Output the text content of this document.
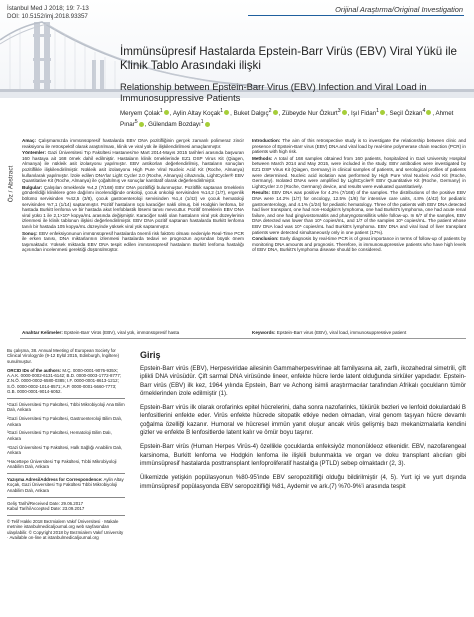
İstanbul Med J 2018; 19: 7-13
DOI: 10.5152/imj.2018.93357
Orijinal Araştırma/Original Investigation
İmmünsüpresif Hastalarda Epstein-Barr Virüs (EBV) Viral Yükü ile Klinik Tablo Arasındaki ilişki
Relationship between Epstein-Barr Virus (EBV) Infection and Viral Load in Immunosuppressive Patients
Meryem Çolak$^1$ , Aylin Altay Koçak$^1$ , Buket Dalgıç$^2$ , Zübeyde Nur Özkurt$^3$ , Işıl Fidan$^1$ , Seçil Özkan$^4$ , Ahmet Pınar$^5$ , Gülendam Bozdayı$^1$
Öz / Abstract

Amaç: Çalışmamızda immünsüpresif hastalarda EBV DNA pozitifliğinin gerçek zamanlı polimeraz zincir reaksiyonu ile retrospektif olarak araştırılması, klinik ve viral yük ile ilişkilendirilmesi amaçlanmıştır.

Yöntemler: Gazi Üniversitesi Tıp Fakültesi Hastanesi'ne Mart 2014-Mayıs 2015 tarihleri arasında başvuran 160 hastaya ait 168 örnek dahil edilmiştir. Hastaların klinik örneklerinde EZ1 DSP Virus Kit (Qiagen, Almanya) ile nükleik asit izolasyonu yapılmıştır. EBV antikorları değerlendirilmiş, hastaların sonuçları pozitiflikle ilişkilendirilmiştir. Nükleik asit izolasyonu High Pure Viral Nucleic Acid Kit (Roche, Almanya) kullanılarak yapılmıştır. İzole edilen DNA'lar Light Cycler 2.0 (Roche, Almanya) cihazında, LightCycler® EBV Quantitative Kit (Roche, Almanya) ile çoğaltılmış ve sonuçlar kantitatif olarak değerlendirilmiştir.

Bulgular: Çalışılan örneklerde %4,2 (7/168) EBV DNA pozitifliği bulunmuştur. Pozitiflik saptanan örneklerin gönderildiği kliniklere göre dağılımı incelendiğinde onkoloji, çocuk onkoloji servisinden %14,2 (1/7), ergenlik bölümü servisinden %42,5 (3/8), çocuk gastroenteroloji servisinden %1,4 (1/42) ve çocuk hematoloji servisinden %7,1 (1/14) saptanmıştır. Pozitif hastaların üçü karaciğer nakli olmuş, biri Hodgkin lenfoma, bir hastada Burkitt lenfoma ve bir hastada akut lenfoblastik lösemi tanısı mevcuttur. Pozitif örneklerin EBV DNA viral yükü 1 ile 2,1×10⁵ kopya/mL arasında değişmiştir. Karaciğer nakli olan hastaların viral yük düzeylerinin izlenmesi ile klinik tablonun ilişkisi değerlendirilmiştir. EBV DNA pozitif saptanan hastalarda Burkitt lenfoma tanılı bir hastada 105 kopya/mL düzeyinde yüksek viral yük saptanmıştır.

Sonuç: EBV enfeksiyonunun immünsüpresif hastalarda önemli risk faktörü olması nedeniyle Real-Time PCR ile erken tanısı, DNA miktarlarının izlenmesi hastalarda tedavi ve prognozun açısından büyük önem taşımaktadır. Yüksek miktarda EBV DNA tespit edilen immünsüpresif hastaların Burkitt lenfoma hastalığı açısından incelenmesi gerektiği düşünülmüştür.

Introduction: The aim of this retrospective study is to investigate the relationship between clinic and presence of Epstein-Barr virus (EBV) DNA and viral load by real-time polymerase chain reaction (PCR) in patients with high risk.

Methods: A total of 168 samples obtained from 160 patients, hospitalized in Gazi University Hospital between March 2014 and May 2015, were included in the study. EBV antibodies were investigated by EZ1 DSP Virus Kit (Qiagen, Germany) in clinical samples of patients, and serological profiles of patients were determined. Nucleic acid isolation was performed by High Pure Viral Nucleic Acid Kit (Roche, Germany). Isolated DNAs were amplified by LightCycler® EBV Quantitative Kit (Roche, Germany) in LightCycler 2.0 (Roche, Germany) device, and results were evaluated quantitatively.

Results: EBV DNA was positive for 4.2% (7/168) of the samples. The distributions of the positive EBV DNA were 14.2% (1/7) for oncology, 12.5% (1/8) for intensive care units, 4.8% (4/42) for pediatric gastroenterology, and 4.1% (1/24) for pediatric hematology. Three of the patients with EBV DNA detected had liver transplant, one had non-Hodgkin's lymphoma, one had Burkitt's lymphoma, one had acute renal failure, and one had gingivostomatitis and pharyngotonsillitis while follow-up. In 6/7 of the samples, EBV DNA detected was lower than 10⁵ copies/mL, and 1/7 of the samples 10⁵ copies/mL. The patient whose EBV DNA load was 10⁵ copies/mL had Burkitt's lymphoma. EBV DNA and viral load of liver transplant patients were detected simultaneously only in one patient (17%).

Conclusion: Early diagnosis by real-time PCR is of great importance in terms of follow-up of patients by monitoring DNA amounts and prognosis. Therefore, in immunosuppressive patients who have high levels of EBV DNA, Burkitt's lymphoma disease should be considered.

Anahtar Kelimeler: Epstein-Barr Virüs (EBV), viral yük, immünsüpresif hasta	Keywords: Epstein-Barr virus (EBV), viral load, immunosuppressive patient

Bu çalışma, 38. Annual Meeting of European Society for Clinical Virology'de (9-12 Eylül 2015, Edinburgh, İngiltere) sunulmuştur.

ORCID IDs of the authors: M.Ç. 0000-0001-9076-935X; A.A.K. 0000-0002-6131-6142; B.D. 0000-0003-1772-8777; Z.N.Ö. 0000-0002-6580-0385; I.F. 0000-0001-8613-1212; S.Ö. 0000-0002-1014-8571; A.P. 0000-0001-5660-7773; G.B. 0000-0001-9014-6052.

¹Gazi Üniversitesi Tıp Fakültesi, Tıbbi Mikrobiyoloji Ana Bilim Dalı, Ankara

²Gazi Üniversitesi Tıp Fakültesi, Gastroenteroloji Bilim Dalı, Ankara

³Gazi Üniversitesi Tıp Fakültesi, Hematoloji Bilim Dalı, Ankara

⁴Gazi Üniversitesi Tıp Fakültesi, Halk Sağlığı Anabilim Dalı, Ankara

⁵Hacettepe Üniversitesi Tıp Fakültesi, Tıbbi Mikrobiyoloji Anabilim Dalı, Ankara

Yazışma Adresi/Address for Correspondence: Aylin Altay Koçak, Gazi Üniversitesi Tıp Fakültesi Tıbbi Mikrobiyoloji Anabilim Dalı, Ankara

Geliş Tarihi/Received Date: 29.06.2017
Kabul Tarihi/Accepted Date: 23.09.2017

© Telif Hakkı 2018 Bezmialem Vakıf Üniversitesi · Makale metnine istanbulmedicaljournal.org web sayfasından ulaşılabilir. © Copyright 2018 by Bezmialem Vakıf University · Available on-line at istanbulmedicaljournal.org

Giriş

Epstein-Barr virüs (EBV), Herpesviridae ailesinin Gammaherpesvirinae alt familyasına ait, zarflı, ikozahedral simetrili, çift iplikli DNA virüsüdür. Çift sarmal DNA virüsünde lineer, enfekte hücre lerde latent olduğunda sirküler yapıdadır. Epstein-Barr virüs (EBV) ilk kez, 1964 yılında Epstein, Barr ve Achong isimli araştırmacılar tarafından Afrikalı çocukların tümör örneklerinden izole edilmiştir (1).

Epstein-Barr virüs ilk olarak orofarinks epitel hücrelerini, daha sonra nazofarinks, tükürük bezleri ve lenfoid dokulardaki B lenfositlerini enfekte eder. Virüs enfekte hücrede sitopatik etkiye neden olmadan, viral genom taşıyan hücre devamlı çoğalma özelliği kazanır. Humoral ve hücresel immün yanıt oluşur ancak virüs gelişmiş bazı mekanizmalarla kendini gizler ve enfekte B lenfositlerde latent kalır ve ömür boyu taşınır.

Epstein-Barr virüs (Human Herpes Virüs-4) özellikle çocuklarda enfeksiyöz mononükleoz etkenidir. EBV, nazofarengeal karsinoma, Burkitt lenfoma ve Hodgkin lenfoma ile ilişkili bulunmakta ve organ ve doku transplant alıcıları gibi immünsüpresif hastalarda posttransplant lenfoproliferatif hastalığa (PTLD) sebep olmaktadır (2, 3).

Ülkemizde yetişkin popülasyonun %80-95'inde EBV seropozitifliği olduğu bildirilmiştir (4, 5). Yurt içi ve yurt dışında immünsüpresif popülasyonda EBV seropozitifliği %81, Aydemir ve ark.(7) %70-9%'i arasında tespit
